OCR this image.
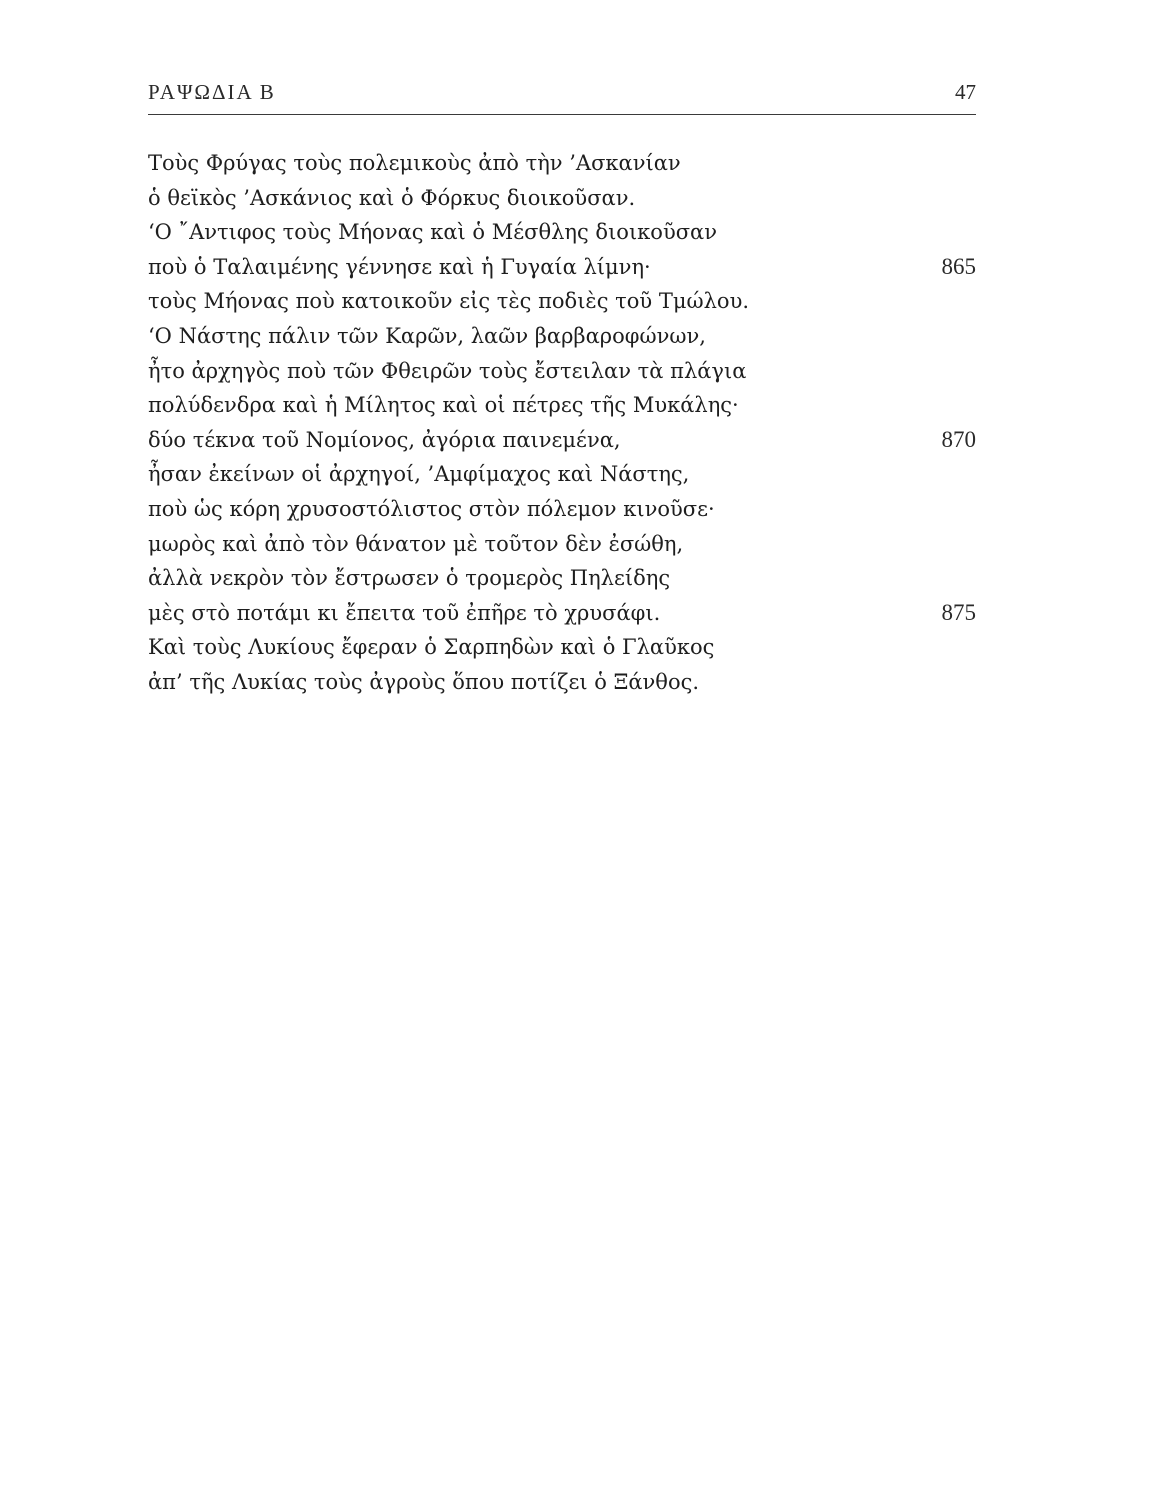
ΡΑΨΩΔΙΑ Β	47
Τοὺς Φρύγας τοὺς πολεμικοὺς ἀπὸ τὴν ’Ασκανίαν
ὁ θεϊκὸς ’Ασκάνιος καὶ ὁ Φόρκυς διοικοῦσαν.
‘Ο ῎Αντιφος τοὺς Μήονας καὶ ὁ Μέσθλης διοικοῦσαν
ποὺ ὁ Ταλαιμένης γέννησε καὶ ἡ Γυγαία λίμνη·	865
τοὺς Μήονας ποὺ κατοικοῦν εἰς τὲς ποδιὲς τοῦ Τμώλου.
‘Ο Νάστης πάλιν τῶν Καρῶν, λαῶν βαρβαροφώνων,
ἦτο ἀρχηγὸς ποὺ τῶν Φθειρῶν τοὺς ἔστειλαν τὰ πλάγια
πολύδενδρα καὶ ἡ Μίλητος καὶ οἱ πέτρες τῆς Μυκάλης·
δύο τέκνα τοῦ Νομίονος, ἀγόρια παινεμένα,	870
ἦσαν ἐκείνων οἱ ἀρχηγοί, ’Αμφίμαχος καὶ Νάστης,
ποὺ ὡς κόρη χρυσοστόλιστος στὸν πόλεμον κινοῦσε·
μωρὸς καὶ ἀπὸ τὸν θάνατον μὲ τοῦτον δὲν ἐσώθη,
ἀλλὰ νεκρὸν τὸν ἔστρωσεν ὁ τρομερὸς Πηλείδης
μὲς στὸ ποτάμι κι ἔπειτα τοῦ ἐπῆρε τὸ χρυσάφι.	875
Καὶ τοὺς Λυκίους ἔφεραν ὁ Σαρπηδὼν καὶ ὁ Γλαῦκος
ἀπ’ τῆς Λυκίας τοὺς ἀγροὺς ὅπου ποτίζει ὁ Ξάνθος.
